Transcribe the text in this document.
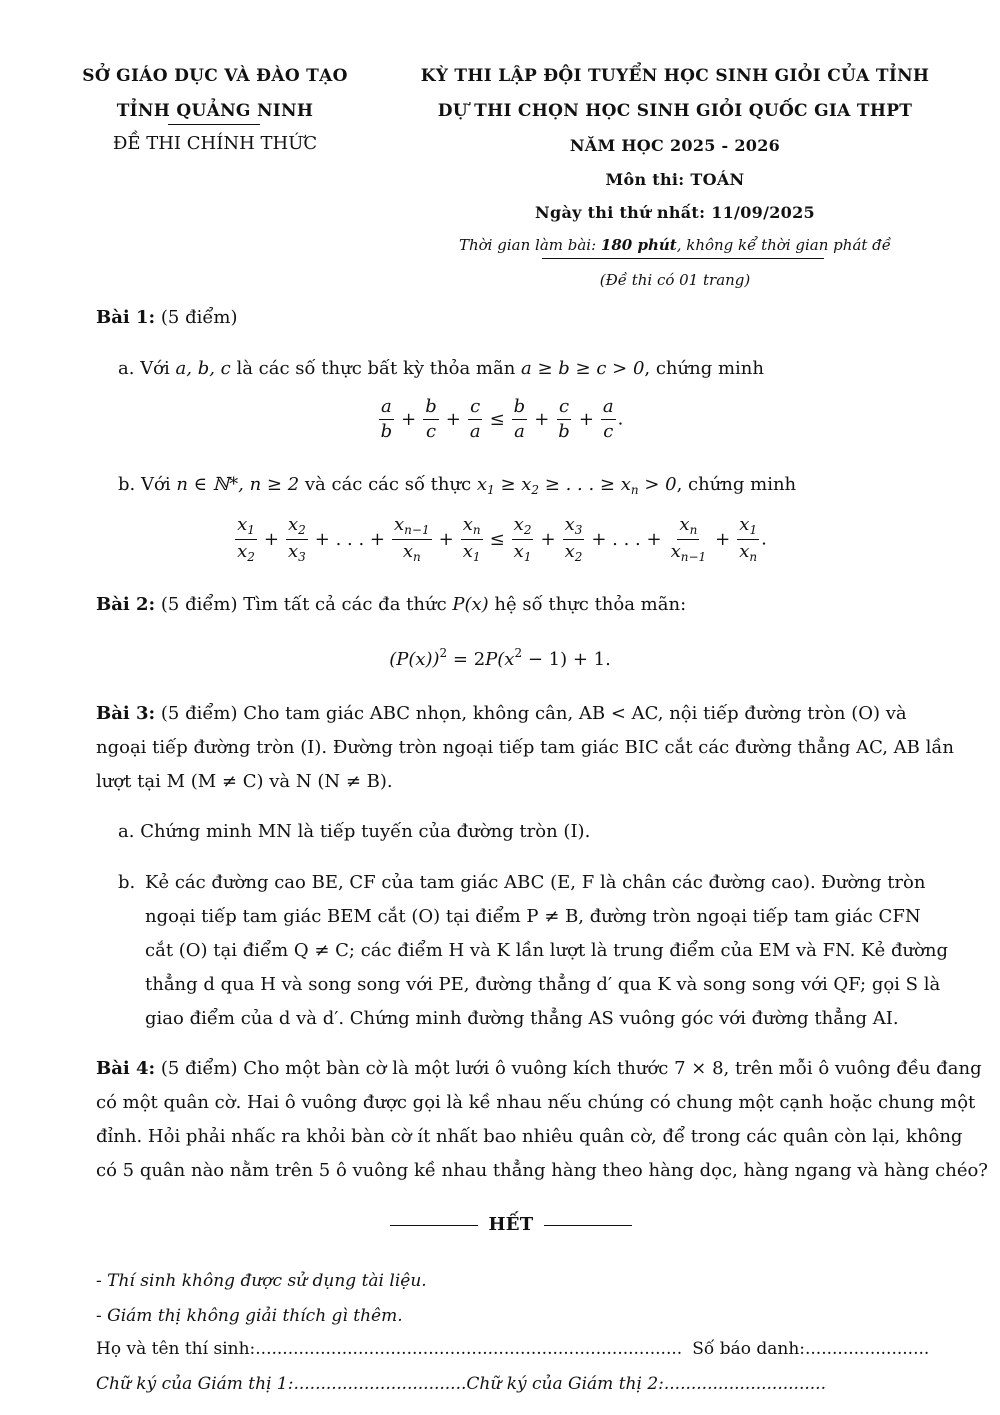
SỞ GIÁO DỤC VÀ ĐÀO TẠO
TỈNH QUẢNG NINH
ĐỀ THI CHÍNH THỨC
KỲ THI LẬP ĐỘI TUYỂN HỌC SINH GIỎI CỦA TỈNH
DỰ THI CHỌN HỌC SINH GIỎI QUỐC GIA THPT
NĂM HỌC 2025 - 2026
Môn thi: TOÁN
Ngày thi thứ nhất: 11/09/2025
Thời gian làm bài: 180 phút, không kể thời gian phát đề
(Đề thi có 01 trang)
Bài 1: (5 điểm)
a. Với a, b, c là các số thực bất kỳ thỏa mãn a ≥ b ≥ c > 0, chứng minh
$\frac{a}{b} + \frac{b}{c} + \frac{c}{a} \le \frac{b}{a} + \frac{c}{b} + \frac{a}{c}$ .
b. Với n ∈ ℕ*, n ≥ 2 và các các số thực $x_1 \ge x_2$ ≥ . . . ≥ $x_n > 0$, chứng minh
$\frac{x_1}{x_2} + \frac{x_2}{x_3}$ + . . . + $\frac{x_{n-1}}{x_n} + \frac{x_n}{x_1} \le \frac{x_2}{x_1} + \frac{x_3}{x_2}$ + . . . + $\frac{x_n}{x_{n-1}} + \frac{x_1}{x_n}$ .
Bài 2: (5 điểm) Tìm tất cả các đa thức P(x) hệ số thực thỏa mãn:
$(P(x))^2 = 2P(x^2 - 1) + 1$.
Bài 3: (5 điểm) Cho tam giác ABC nhọn, không cân, AB < AC, nội tiếp đường tròn (O) và
ngoại tiếp đường tròn (I). Đường tròn ngoại tiếp tam giác BIC cắt các đường thẳng AC, AB lần
lượt tại M (M ≠ C) và N (N ≠ B).
a. Chứng minh MN là tiếp tuyến của đường tròn (I).
b. Kẻ các đường cao BE, CF của tam giác ABC (E, F là chân các đường cao). Đường tròn
ngoại tiếp tam giác BEM cắt (O) tại điểm P ≠ B, đường tròn ngoại tiếp tam giác CFN
cắt (O) tại điểm Q ≠ C; các điểm H và K lần lượt là trung điểm của EM và FN. Kẻ đường
thẳng d qua H và song song với PE, đường thẳng d′ qua K và song song với QF; gọi S là
giao điểm của d và d′. Chứng minh đường thẳng AS vuông góc với đường thẳng AI.
Bài 4: (5 điểm) Cho một bàn cờ là một lưới ô vuông kích thước 7 × 8, trên mỗi ô vuông đều đang
có một quân cờ. Hai ô vuông được gọi là kề nhau nếu chúng có chung một cạnh hoặc chung một
đỉnh. Hỏi phải nhấc ra khỏi bàn cờ ít nhất bao nhiêu quân cờ, để trong các quân còn lại, không
có 5 quân nào nằm trên 5 ô vuông kề nhau thẳng hàng theo hàng dọc, hàng ngang và hàng chéo?
HẾT
- Thí sinh không được sử dụng tài liệu.
- Giám thị không giải thích gì thêm.
Họ và tên thí sinh: ............................................................................... Số báo danh: .......................
Chữ ký của Giám thị 1:................................Chữ ký của Giám thị 2:..............................
